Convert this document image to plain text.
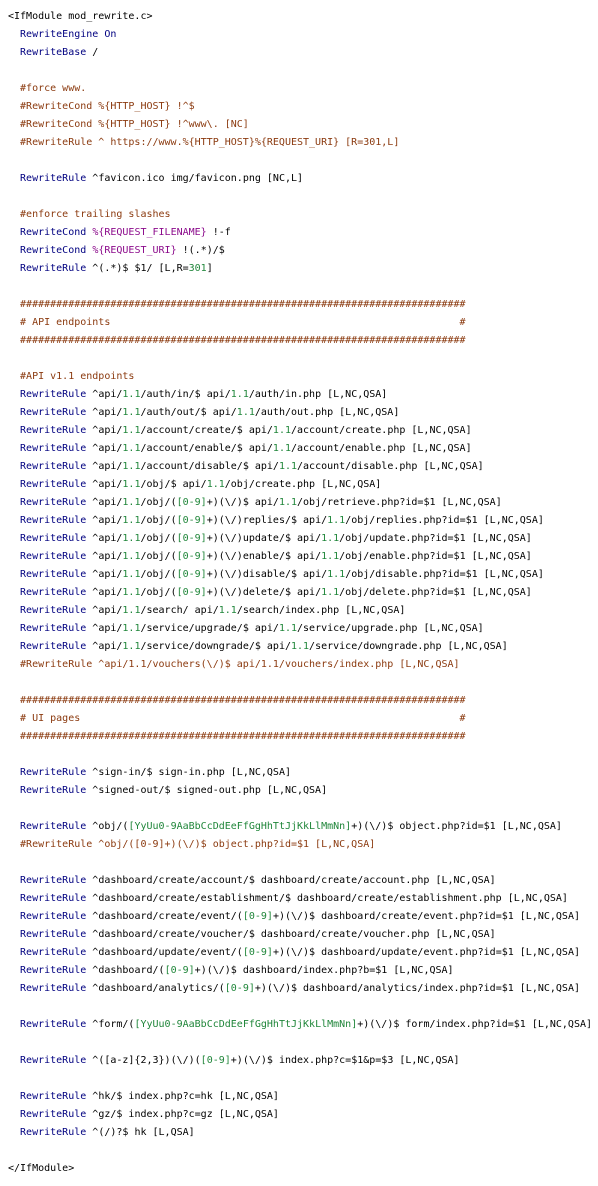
<IfModule mod_rewrite.c>
RewriteEngine On
RewriteBase /
#force www.
#RewriteCond %{HTTP_HOST} !^$
#RewriteCond %{HTTP_HOST} !^www\. [NC]
#RewriteRule ^ https://www.%{HTTP_HOST}%{REQUEST_URI} [R=301,L]
RewriteRule ^favicon.ico img/favicon.png [NC,L]
#enforce trailing slashes
RewriteCond %{REQUEST_FILENAME} !-f
RewriteCond %{REQUEST_URI} !(.*)/$
RewriteRule ^(.*)$ $1/ [L,R=301]
##########################################################################
# API endpoints                                                          #
##########################################################################
#API v1.1 endpoints
RewriteRule ^api/1.1/auth/in/$ api/1.1/auth/in.php [L,NC,QSA]
RewriteRule ^api/1.1/auth/out/$ api/1.1/auth/out.php [L,NC,QSA]
RewriteRule ^api/1.1/account/create/$ api/1.1/account/create.php [L,NC,QSA]
RewriteRule ^api/1.1/account/enable/$ api/1.1/account/enable.php [L,NC,QSA]
RewriteRule ^api/1.1/account/disable/$ api/1.1/account/disable.php [L,NC,QSA]
RewriteRule ^api/1.1/obj/$ api/1.1/obj/create.php [L,NC,QSA]
RewriteRule ^api/1.1/obj/([0-9]+)(\/)$ api/1.1/obj/retrieve.php?id=$1 [L,NC,QSA]
RewriteRule ^api/1.1/obj/([0-9]+)(\/)replies/$ api/1.1/obj/replies.php?id=$1 [L,NC,QSA]
RewriteRule ^api/1.1/obj/([0-9]+)(\/)update/$ api/1.1/obj/update.php?id=$1 [L,NC,QSA]
RewriteRule ^api/1.1/obj/([0-9]+)(\/)enable/$ api/1.1/obj/enable.php?id=$1 [L,NC,QSA]
RewriteRule ^api/1.1/obj/([0-9]+)(\/)disable/$ api/1.1/obj/disable.php?id=$1 [L,NC,QSA]
RewriteRule ^api/1.1/obj/([0-9]+)(\/)delete/$ api/1.1/obj/delete.php?id=$1 [L,NC,QSA]
RewriteRule ^api/1.1/search/ api/1.1/search/index.php [L,NC,QSA]
RewriteRule ^api/1.1/service/upgrade/$ api/1.1/service/upgrade.php [L,NC,QSA]
RewriteRule ^api/1.1/service/downgrade/$ api/1.1/service/downgrade.php [L,NC,QSA]
#RewriteRule ^api/1.1/vouchers(\/)$ api/1.1/vouchers/index.php [L,NC,QSA]
##########################################################################
# UI pages                                                               #
##########################################################################
RewriteRule ^sign-in/$ sign-in.php [L,NC,QSA]
RewriteRule ^signed-out/$ signed-out.php [L,NC,QSA]
RewriteRule ^obj/([YyUu0-9AaBbCcDdEeFfGgHhTtJjKkLlMmNn]+)(\/)$ object.php?id=$1 [L,NC,QSA]
#RewriteRule ^obj/([0-9]+)(\/)$ object.php?id=$1 [L,NC,QSA]
RewriteRule ^dashboard/create/account/$ dashboard/create/account.php [L,NC,QSA]
RewriteRule ^dashboard/create/establishment/$ dashboard/create/establishment.php [L,NC,QSA]
RewriteRule ^dashboard/create/event/([0-9]+)(\/)$ dashboard/create/event.php?id=$1 [L,NC,QSA]
RewriteRule ^dashboard/create/voucher/$ dashboard/create/voucher.php [L,NC,QSA]
RewriteRule ^dashboard/update/event/([0-9]+)(\/)$ dashboard/update/event.php?id=$1 [L,NC,QSA]
RewriteRule ^dashboard/([0-9]+)(\/)$ dashboard/index.php?b=$1 [L,NC,QSA]
RewriteRule ^dashboard/analytics/([0-9]+)(\/)$ dashboard/analytics/index.php?id=$1 [L,NC,QSA]
RewriteRule ^form/([YyUu0-9AaBbCcDdEeFfGgHhTtJjKkLlMmNn]+)(\/)$ form/index.php?id=$1 [L,NC,QSA]
RewriteRule ^([a-z]{2,3})(\/)([0-9]+)(\/)$ index.php?c=$1&p=$3 [L,NC,QSA]
RewriteRule ^hk/$ index.php?c=hk [L,NC,QSA]
RewriteRule ^gz/$ index.php?c=gz [L,NC,QSA]
RewriteRule ^(/)?$ hk [L,QSA]
</IfModule>
